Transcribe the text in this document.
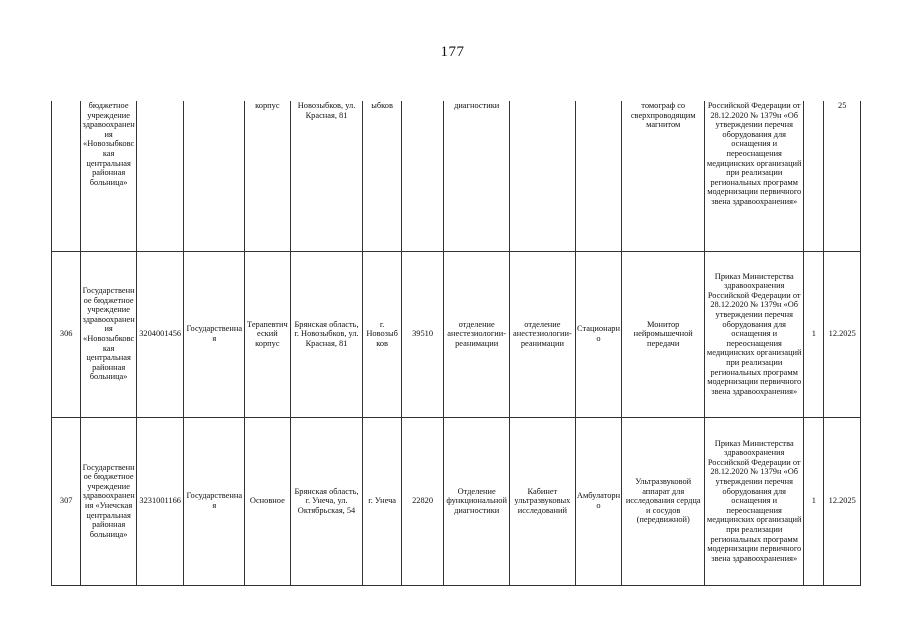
177
	бюджетное учреждение здравоохранения «Новозыбковская центральная районная больница»			корпус	Новозыбков, ул. Красная, 81	ыбков		диагностики			томограф со сверхпроводящим магнитом	Российской Федерации от 28.12.2020 № 1379н «Об утверждении перечня оборудования для оснащения и переоснащения медицинских организаций при реализации региональных программ модернизации первичного звена здравоохранения»		25
306	Государственное бюджетное учреждение здравоохранения «Новозыбковская центральная районная больница»	3204001456	Государственная	Терапевтический корпус	Брянская область, г. Новозыбков, ул. Красная, 81	г. Новозыбков	39510	отделение анестезиологии-реанимации	отделение анестезиологии-реанимации	Стационарно	Монитор нейромышечной передачи	Приказ Министерства здравоохранения Российской Федерации от 28.12.2020 № 1379н «Об утверждении перечня оборудования для оснащения и переоснащения медицинских организаций при реализации региональных программ модернизации первичного звена здравоохранения»	1	12.2025
307	Государственное бюджетное учреждение здравоохранения «Унечская центральная районная больница»	3231001166	Государственная	Основное	Брянская область, г. Унеча, ул. Октябрьская, 54	г. Унеча	22820	Отделение функциональной диагностики	Кабинет ультразвуковых исследований	Амбулаторно	Ультразвуковой аппарат для исследования сердца и сосудов (передвижной)	Приказ Министерства здравоохранения Российской Федерации от 28.12.2020 № 1379н «Об утверждении перечня оборудования для оснащения и переоснащения медицинских организаций при реализации региональных программ модернизации первичного звена здравоохранения»	1	12.2025
